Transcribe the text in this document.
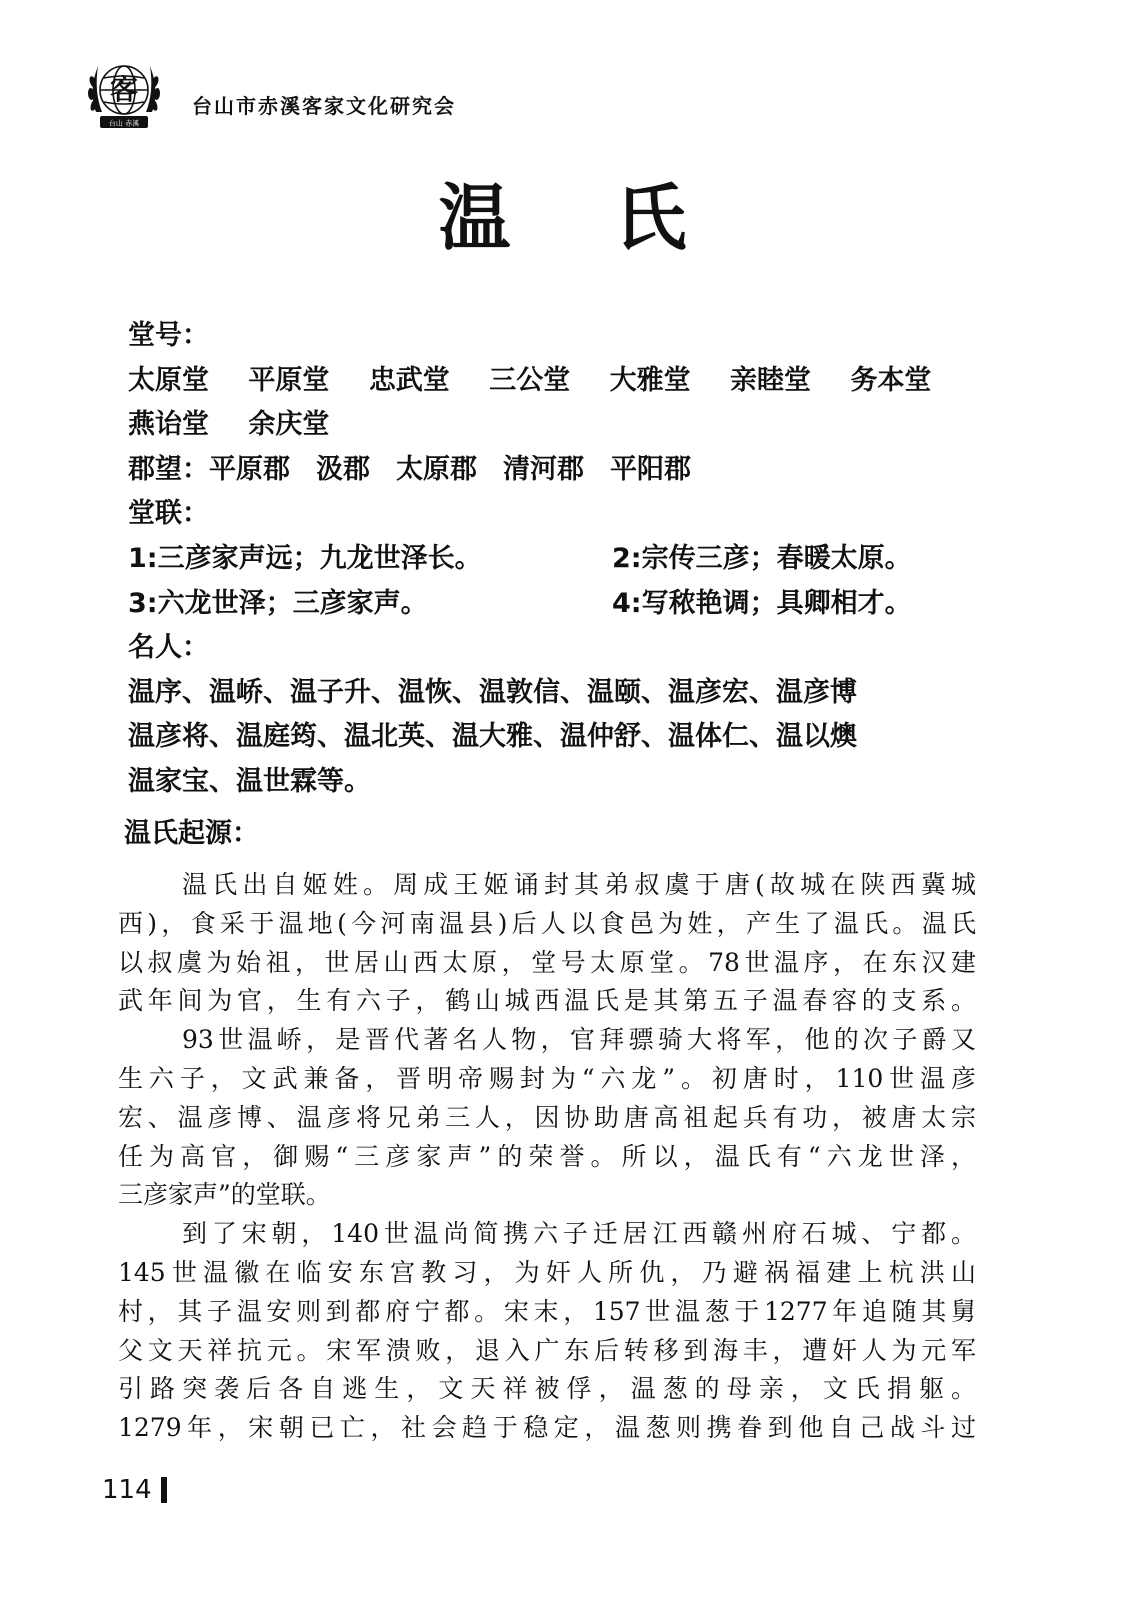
客
台山 赤溪
台山市赤溪客家文化研究会
温 氏
堂号：
太原堂 平原堂 忠武堂 三公堂 大雅堂 亲睦堂 务本堂
燕诒堂 余庆堂
郡望：平原郡 汲郡 太原郡 清河郡 平阳郡
堂联：
1:三彦家声远；九龙世泽长。	2:宗传三彦；春暖太原。
3:六龙世泽；三彦家声。	4:写秾艳调；具卿相才。
名人：
温序、温峤、温子升、温恢、温敦信、温颐、温彦宏、温彦博
温彦将、温庭筠、温北英、温大雅、温仲舒、温体仁、温以燠
温家宝、温世霖等。
温氏起源：

温氏出自姬姓。周成王姬诵封其弟叔虞于唐(故城在陕西冀城

西)，食采于温地(今河南温县)后人以食邑为姓，产生了温氏。温氏

以叔虞为始祖，世居山西太原，堂号太原堂。78世温序，在东汉建

武年间为官，生有六子，鹤山城西温氏是其第五子温春容的支系。

93世温峤，是晋代著名人物，官拜骠骑大将军，他的次子爵又

生六子，文武兼备，晋明帝赐封为“六龙”。初唐时，110世温彦

宏、温彦博、温彦将兄弟三人，因协助唐高祖起兵有功，被唐太宗

任为高官，御赐“三彦家声”的荣誉。所以，温氏有“六龙世泽，

三彦家声”的堂联。

到了宋朝，140世温尚简携六子迁居江西赣州府石城、宁都。

145世温徽在临安东宫教习，为奸人所仇，乃避祸福建上杭洪山

村，其子温安则到都府宁都。宋末，157世温葱于1277年追随其舅

父文天祥抗元。宋军溃败，退入广东后转移到海丰，遭奸人为元军

引路突袭后各自逃生，文天祥被俘，温葱的母亲，文氏捐躯。

1279年，宋朝已亡，社会趋于稳定，温葱则携眷到他自己战斗过

114
